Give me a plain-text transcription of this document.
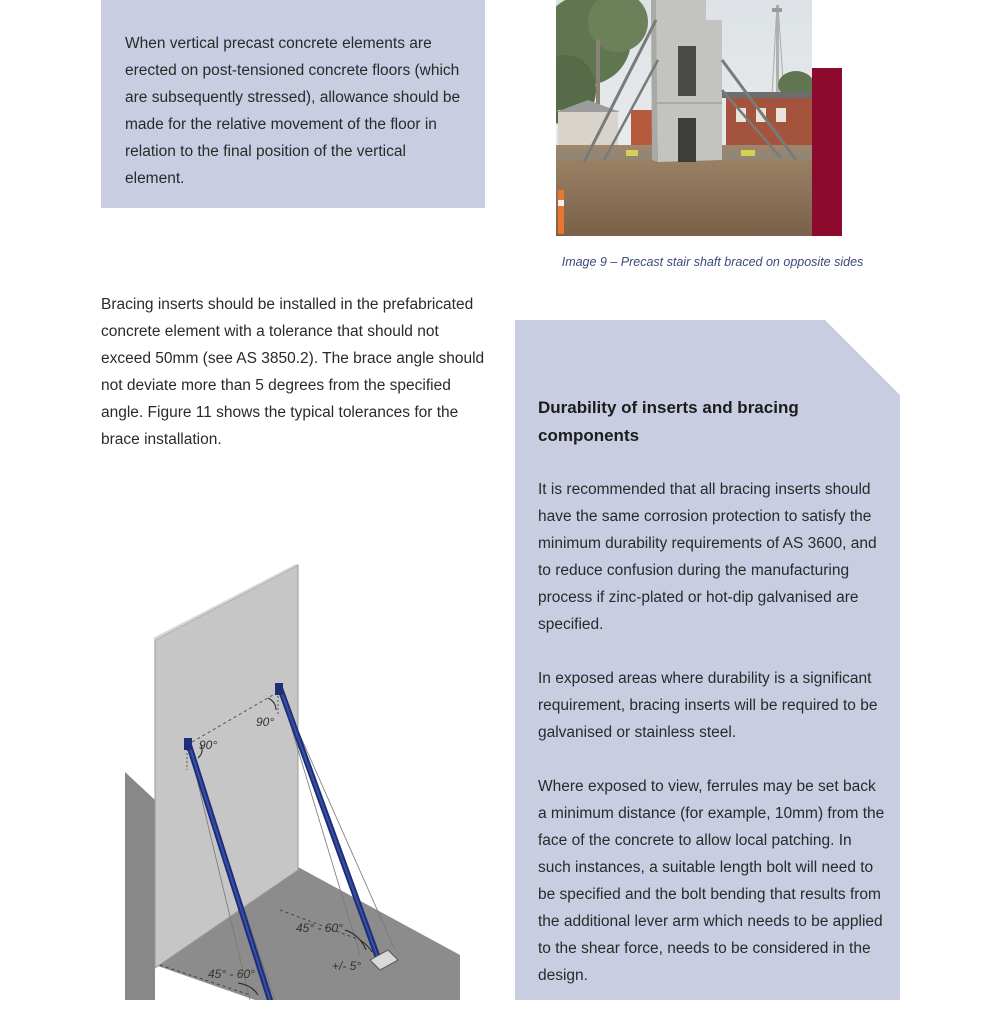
When vertical precast concrete elements are erected on post-tensioned concrete floors (which are subsequently stressed), allowance should be made for the relative movement of the floor in relation to the final position of the vertical element.

Image 9 – Precast stair shaft braced on opposite sides

Bracing inserts should be installed in the prefabricated concrete element with a tolerance that should not exceed 50mm (see AS 3850.2). The brace angle should not deviate more than 5 degrees from the specified angle. Figure 11 shows the typical tolerances for the brace installation.

Durability of inserts and bracing components

It is recommended that all bracing inserts should have the same corrosion protection to satisfy the minimum durability requirements of AS 3600, and to reduce confusion during the manufacturing process if zinc-plated or hot-dip galvanised are specified.

In exposed areas where durability is a significant requirement, bracing inserts will be required to be galvanised or stainless steel.

Where exposed to view, ferrules may be set back a minimum distance (for example, 10mm) from the face of the concrete to allow local patching. In such instances, a suitable length bolt will need to be specified and the bolt bending that results from the additional lever arm which needs to be applied to the shear force, needs to be considered in the design.

90°
90°
45° - 60°
+/- 5°
45° - 60°
